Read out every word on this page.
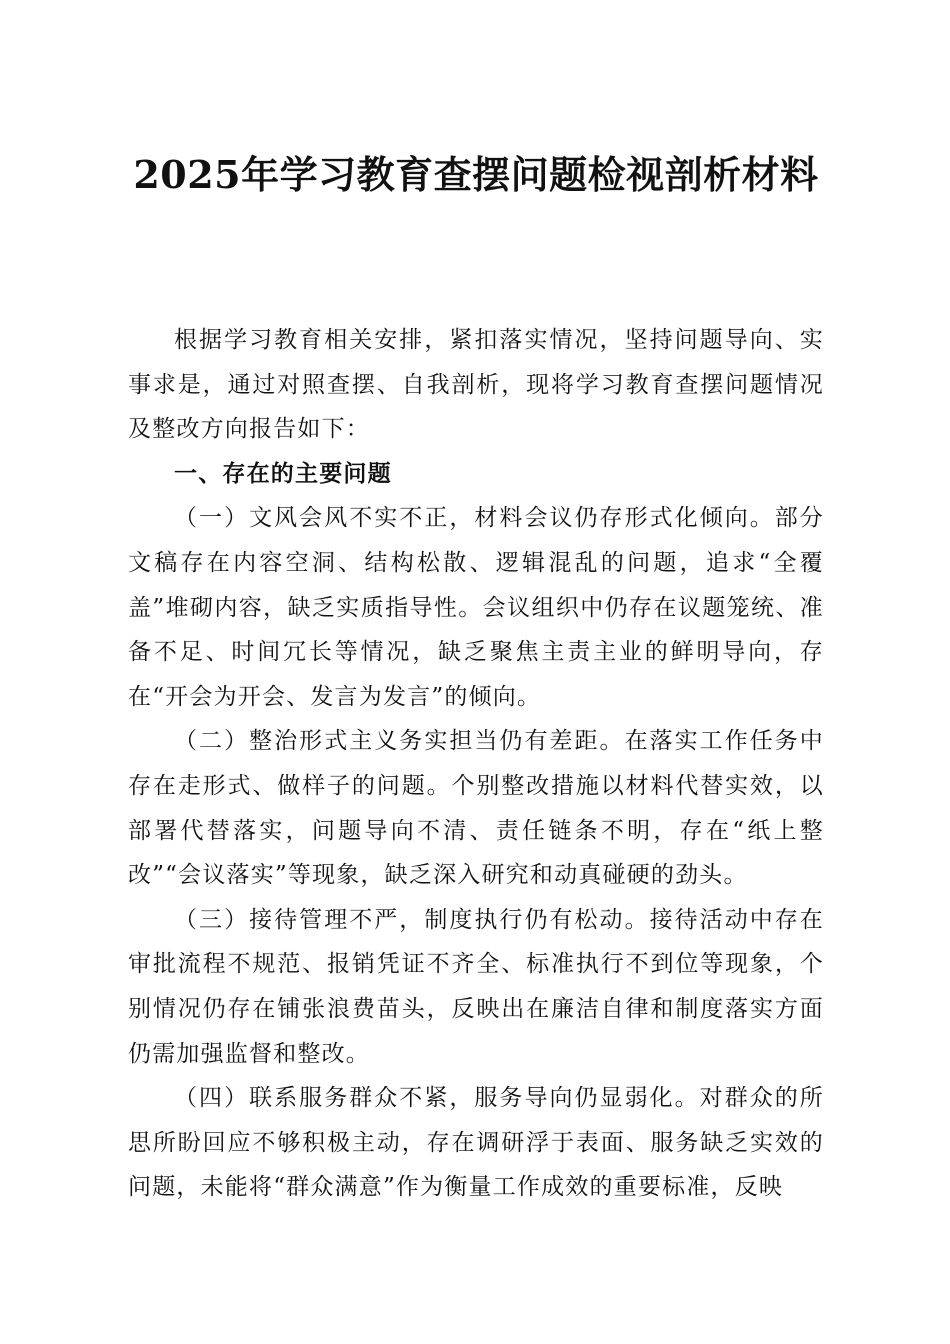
2025年学习教育查摆问题检视剖析材料

根据学习教育相关安排，紧扣落实情况，坚持问题导向、实事求是，通过对照查摆、自我剖析，现将学习教育查摆问题情况及整改方向报告如下：

一、存在的主要问题

（一）文风会风不实不正，材料会议仍存形式化倾向。部分文稿存在内容空洞、结构松散、逻辑混乱的问题，追求“全覆盖”堆砌内容，缺乏实质指导性。会议组织中仍存在议题笼统、准备不足、时间冗长等情况，缺乏聚焦主责主业的鲜明导向，存在“开会为开会、发言为发言”的倾向。

（二）整治形式主义务实担当仍有差距。在落实工作任务中存在走形式、做样子的问题。个别整改措施以材料代替实效，以部署代替落实，问题导向不清、责任链条不明，存在“纸上整改”“会议落实”等现象，缺乏深入研究和动真碰硬的劲头。

（三）接待管理不严，制度执行仍有松动。接待活动中存在审批流程不规范、报销凭证不齐全、标准执行不到位等现象，个别情况仍存在铺张浪费苗头，反映出在廉洁自律和制度落实方面仍需加强监督和整改。

（四）联系服务群众不紧，服务导向仍显弱化。对群众的所思所盼回应不够积极主动，存在调研浮于表面、服务缺乏实效的问题，未能将“群众满意”作为衡量工作成效的重要标准，反映
